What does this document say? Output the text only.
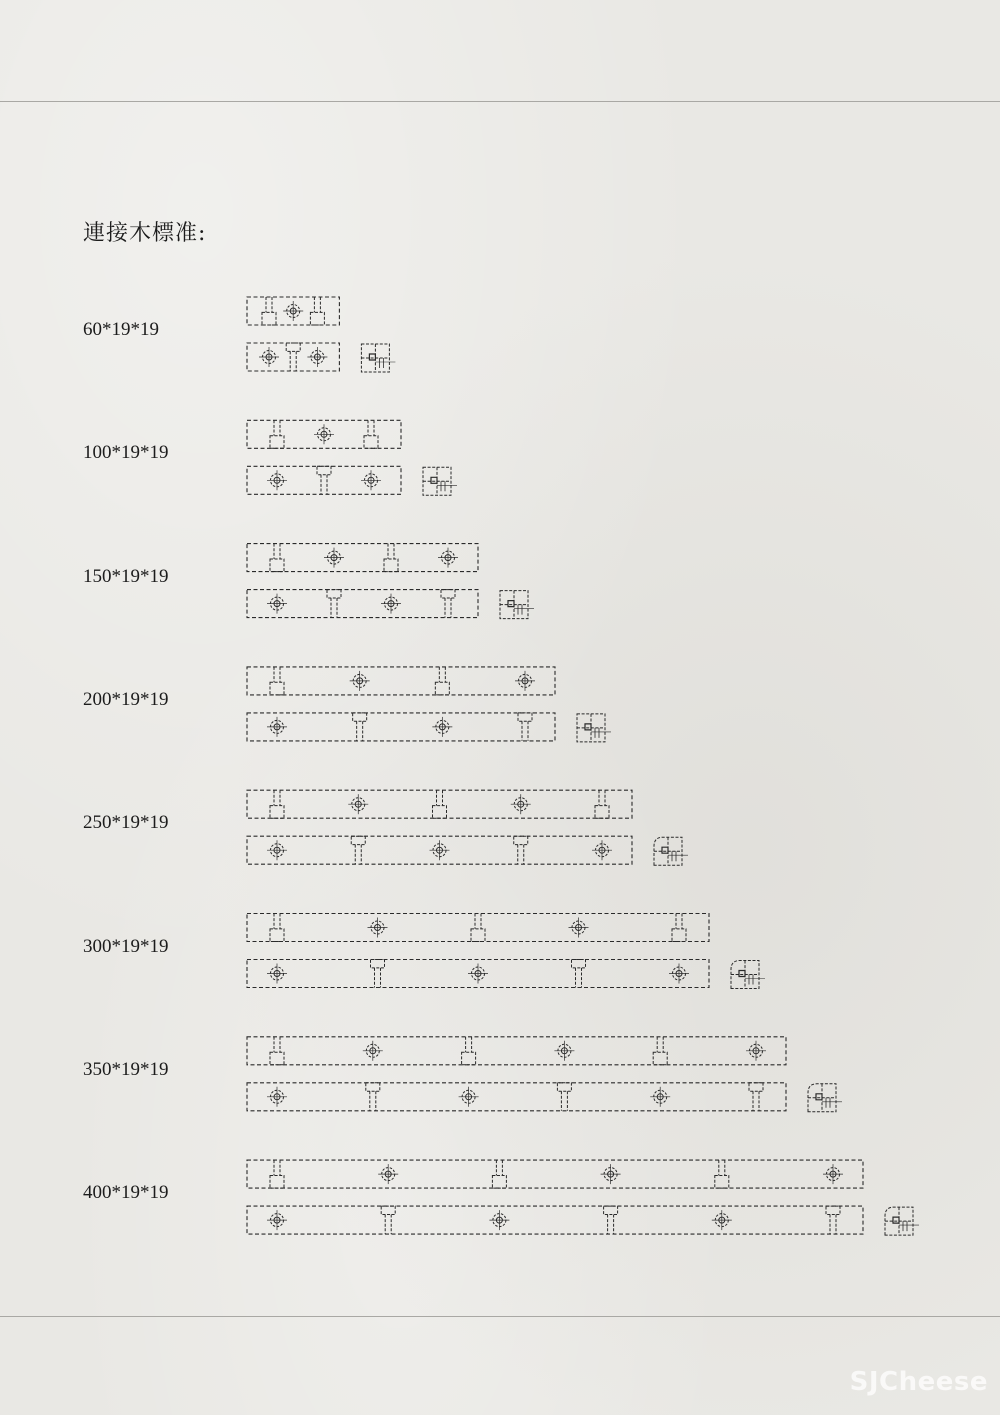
連接木標准:
60*19*19
100*19*19
150*19*19
200*19*19
250*19*19
300*19*19
350*19*19
400*19*19
SJCheese
